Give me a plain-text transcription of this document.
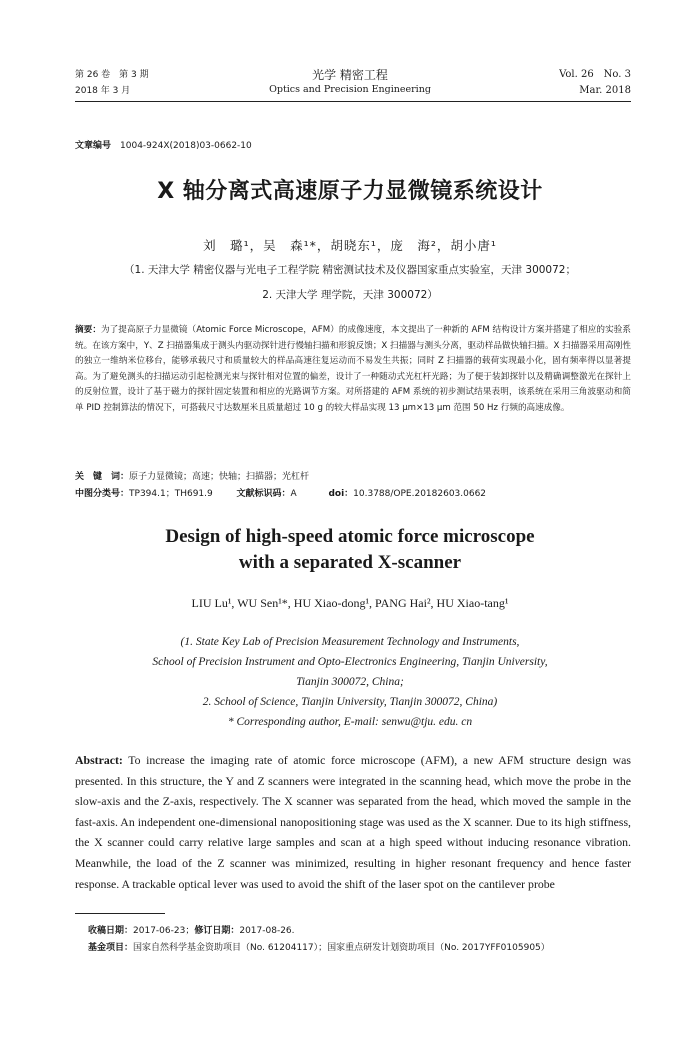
第 26 卷　第 3 期
2018 年 3 月
光学 精密工程
Optics and Precision Engineering
Vol. 26　No. 3
Mar. 2018
文章编号　 1004-924X(2018)03-0662-10
X 轴分离式高速原子力显微镜系统设计
刘　璐¹，吴　森¹*，胡晓东¹，庞　海²，胡小唐¹
（1. 天津大学 精密仪器与光电子工程学院 精密测试技术及仪器国家重点实验室，天津 300072；
2. 天津大学 理学院，天津 300072）
摘要：为了提高原子力显微镜（Atomic Force Microscope，AFM）的成像速度，本文提出了一种新的 AFM 结构设计方案并搭建了相应的实验系统。在该方案中，Y、Z 扫描器集成于测头内驱动探针进行慢轴扫描和形貌反馈；X 扫描器与测头分离，驱动样品做快轴扫描。X 扫描器采用高刚性的独立一维纳米位移台，能够承载尺寸和质量较大的样品高速往复运动而不易发生共振；同时 Z 扫描器的载荷实现最小化，固有频率得以显著提高。为了避免测头的扫描运动引起检测光束与探针相对位置的偏差，设计了一种随动式光杠杆光路；为了便于装卸探针以及精确调整激光在探针上的反射位置，设计了基于磁力的探针固定装置和相应的光路调节方案。对所搭建的 AFM 系统的初步测试结果表明，该系统在采用三角波驱动和简单 PID 控制算法的情况下，可搭载尺寸达数厘米且质量超过 10 g 的较大样品实现 13 μm×13 μm 范围 50 Hz 行频的高速成像。
关　键　词：原子力显微镜；高速；快轴；扫描器；光杠杆
中图分类号：TP394.1；TH691.9	文献标识码：A	doi：10.3788/OPE.20182603.0662
Design of high-speed atomic force microscope
with a separated X-scanner
LIU Lu¹, WU Sen¹*, HU Xiao-dong¹, PANG Hai², HU Xiao-tang¹
(1. State Key Lab of Precision Measurement Technology and Instruments,
School of Precision Instrument and Opto-Electronics Engineering, Tianjin University,
Tianjin 300072, China;
2. School of Science, Tianjin University, Tianjin 300072, China)
* Corresponding author, E-mail: senwu@tju. edu. cn
Abstract: To increase the imaging rate of atomic force microscope (AFM), a new AFM structure design was presented. In this structure, the Y and Z scanners were integrated in the scanning head, which move the probe in the slow-axis and the Z-axis, respectively. The X scanner was separated from the head, which moved the sample in the fast-axis. An independent one-dimensional nanopositioning stage was used as the X scanner. Due to its high stiffness, the X scanner could carry relative large samples and scan at a high speed without inducing resonance vibration. Meanwhile, the load of the Z scanner was minimized, resulting in higher resonant frequency and hence faster response. A trackable optical lever was used to avoid the shift of the laser spot on the cantilever probe
收稿日期：2017-06-23；修订日期：2017-08-26.
基金项目：国家自然科学基金资助项目（No. 61204117）；国家重点研发计划资助项目（No. 2017YFF0105905）
